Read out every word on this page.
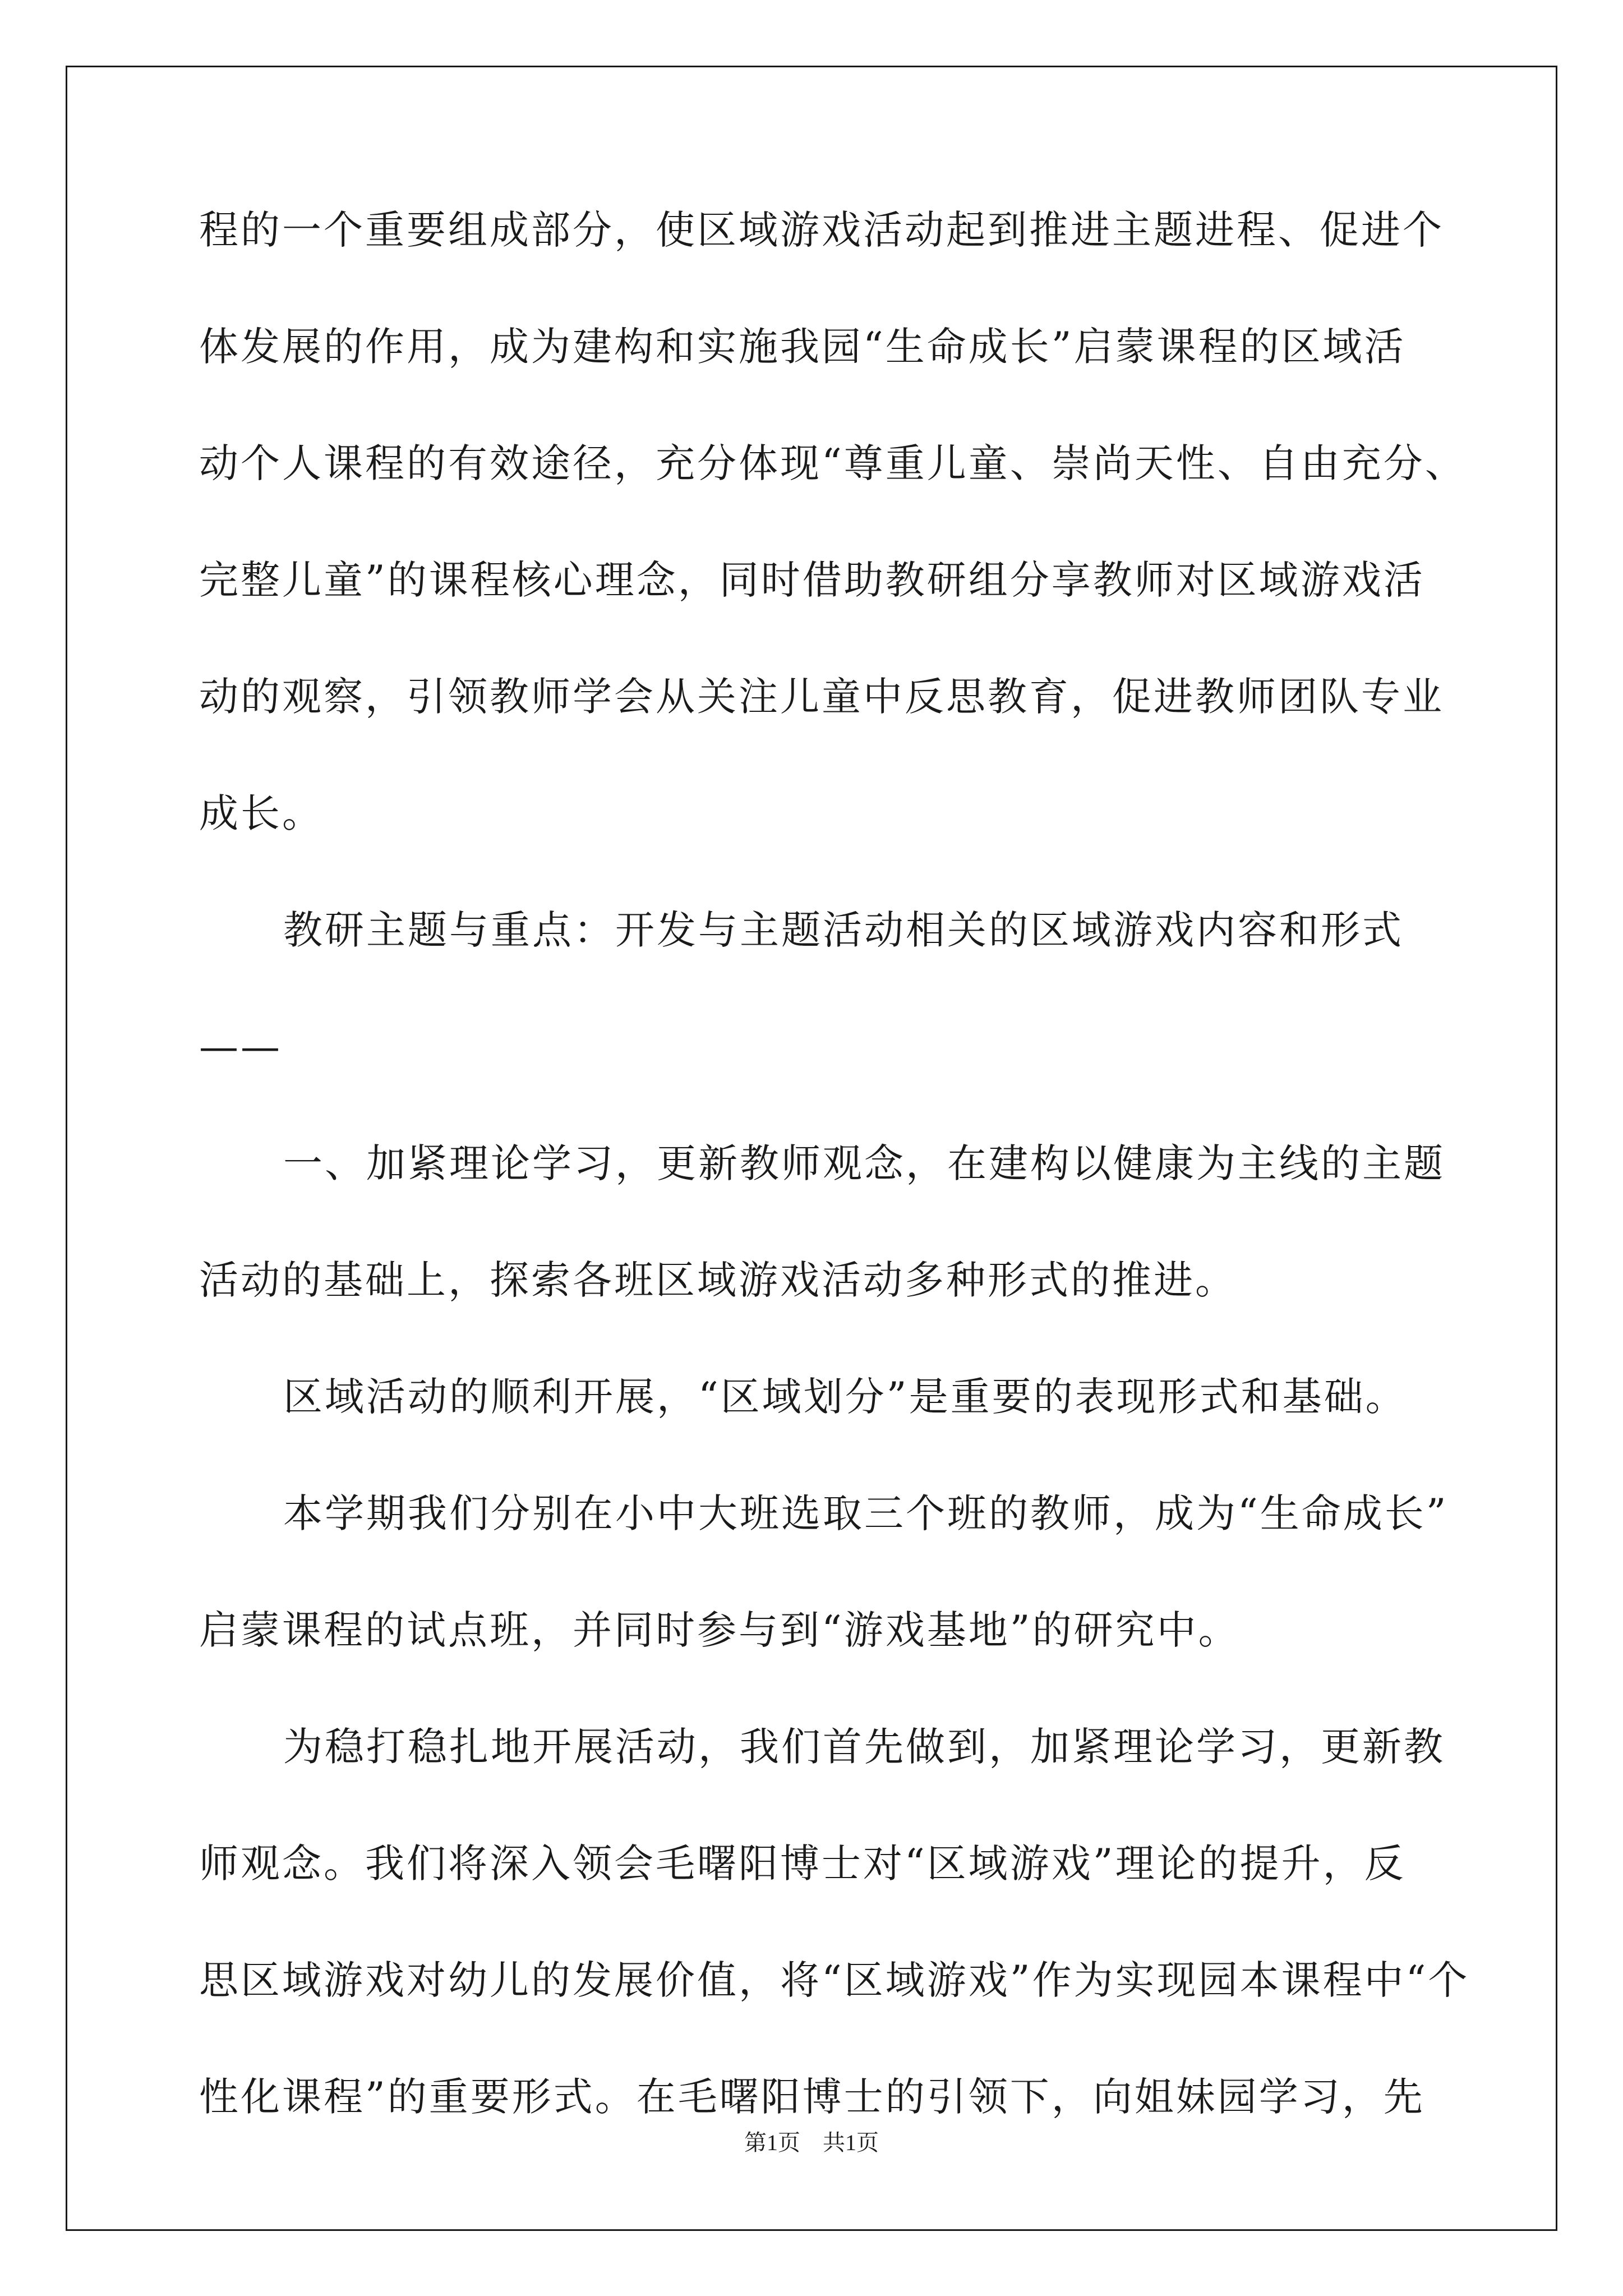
程的一个重要组成部分，使区域游戏活动起到推进主题进程、促进个
体发展的作用，成为建构和实施我园“生命成长”启蒙课程的区域活
动个人课程的有效途径，充分体现“尊重儿童、崇尚天性、自由充分、
完整儿童”的课程核心理念，同时借助教研组分享教师对区域游戏活
动的观察，引领教师学会从关注儿童中反思教育，促进教师团队专业
成长。
教研主题与重点：开发与主题活动相关的区域游戏内容和形式
——
一、加紧理论学习，更新教师观念，在建构以健康为主线的主题
活动的基础上，探索各班区域游戏活动多种形式的推进。
区域活动的顺利开展，“区域划分”是重要的表现形式和基础。
本学期我们分别在小中大班选取三个班的教师，成为“生命成长”
启蒙课程的试点班，并同时参与到“游戏基地”的研究中。
为稳打稳扎地开展活动，我们首先做到，加紧理论学习，更新教
师观念。我们将深入领会毛曙阳博士对“区域游戏”理论的提升，反
思区域游戏对幼儿的发展价值，将“区域游戏”作为实现园本课程中“个
性化课程”的重要形式。在毛曙阳博士的引领下，向姐妹园学习，先
第1页　共1页
